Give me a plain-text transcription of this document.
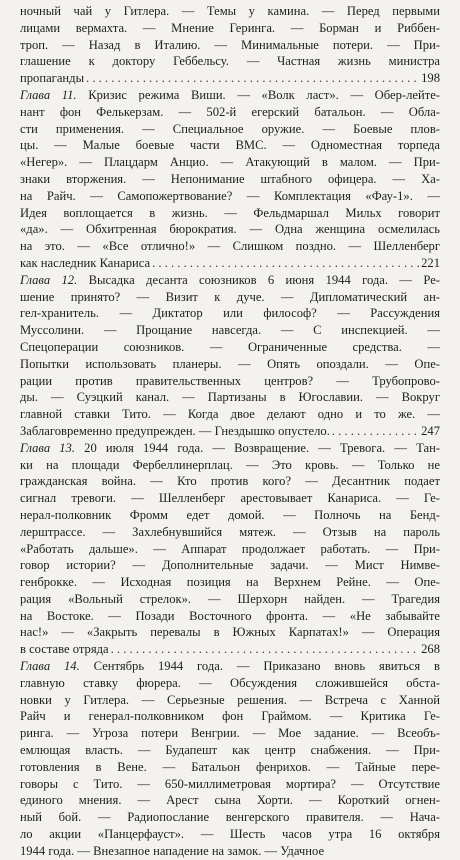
ночный чай у Гитлера. — Темы у камина. — Перед первыми
лицами вермахта. — Мнение Геринга. — Борман и Риббен-
троп. — Назад в Италию. — Минимальные потери. — При-
глашение к доктору Геббельсу. — Частная жизнь министра
пропаганды . . .	198
Глава 11. Кризис режима Виши. — «Волк ласт». — Обер-лейте-
нант фон Фелькерзам. — 502-й егерский батальон. — Обла-
сти применения. — Специальное оружие. — Боевые плов-
цы. — Малые боевые части ВМС. — Одноместная торпеда
«Негер». — Плацдарм Анцио. — Атакующий в малом. — При-
знаки вторжения. — Непонимание штабного офицера. — Ха-
на Райч. — Самопожертвование? — Комплектация «Фау-1». —
Идея воплощается в жизнь. — Фельдмаршал Мильх говорит
«да». — Обхитренная бюрократия. — Одна женщина осмелилась
на это. — «Все отлично!» — Слишком поздно. — Шелленберг
как наследник Канариса . . .	221
Глава 12. Высадка десанта союзников 6 июня 1944 года. — Ре-
шение принято? — Визит к дуче. — Дипломатический ан-
гел-хранитель. — Диктатор или философ? — Рассуждения
Муссолини. — Прощание навсегда. — С инспекцией. —
Спецоперации союзников. — Ограниченные средства. —
Попытки использовать планеры. — Опять опоздали. — Опе-
рации против правительственных центров? — Трубопрово-
ды. — Суэцкий канал. — Партизаны в Югославии. — Вокруг
главной ставки Тито. — Когда двое делают одно и то же. —
Заблаговременно предупрежден. — Гнездышко опустело. . . .	247
Глава 13. 20 июля 1944 года. — Возвращение. — Тревога. — Тан-
ки на площади Фербеллинерплац. — Это кровь. — Только не
гражданская война. — Кто против кого? — Десантник подает
сигнал тревоги. — Шелленберг арестовывает Канариса. — Ге-
нерал-полковник Фромм едет домой. — Полночь на Бенд-
лерштрассе. — Захлебнувшийся мятеж. — Отзыв на пароль
«Работать дальше». — Аппарат продолжает работать. — При-
говор истории? — Дополнительные задачи. — Мист Нимве-
генброкке. — Исходная позиция на Верхнем Рейне. — Опе-
рация «Вольный стрелок». — Шерхорн найден. — Трагедия
на Востоке. — Позади Восточного фронта. — «Не забывайте
нас!» — «Закрыть перевалы в Южных Карпатах!» — Операция
в составе отряда . . .	268
Глава 14. Сентябрь 1944 года. — Приказано вновь явиться в
главную ставку фюрера. — Обсуждения сложившейся обста-
новки у Гитлера. — Серьезные решения. — Встреча с Ханной
Райч и генерал-полковником фон Граймом. — Критика Ге-
ринга. — Угроза потери Венгрии. — Мое задание. — Всеобъ-
емлющая власть. — Будапешт как центр снабжения. — При-
готовления в Вене. — Батальон фенрихов. — Тайные пере-
говоры с Тито. — 650-миллиметровая мортира? — Отсутствие
единого мнения. — Арест сына Хорти. — Короткий огнен-
ный бой. — Радиопослание венгерского правителя. — Нача-
ло акции «Панцерфауст». — Шесть часов утра 16 октября
1944 года. — Внезапное нападение на замок. — Удачное
